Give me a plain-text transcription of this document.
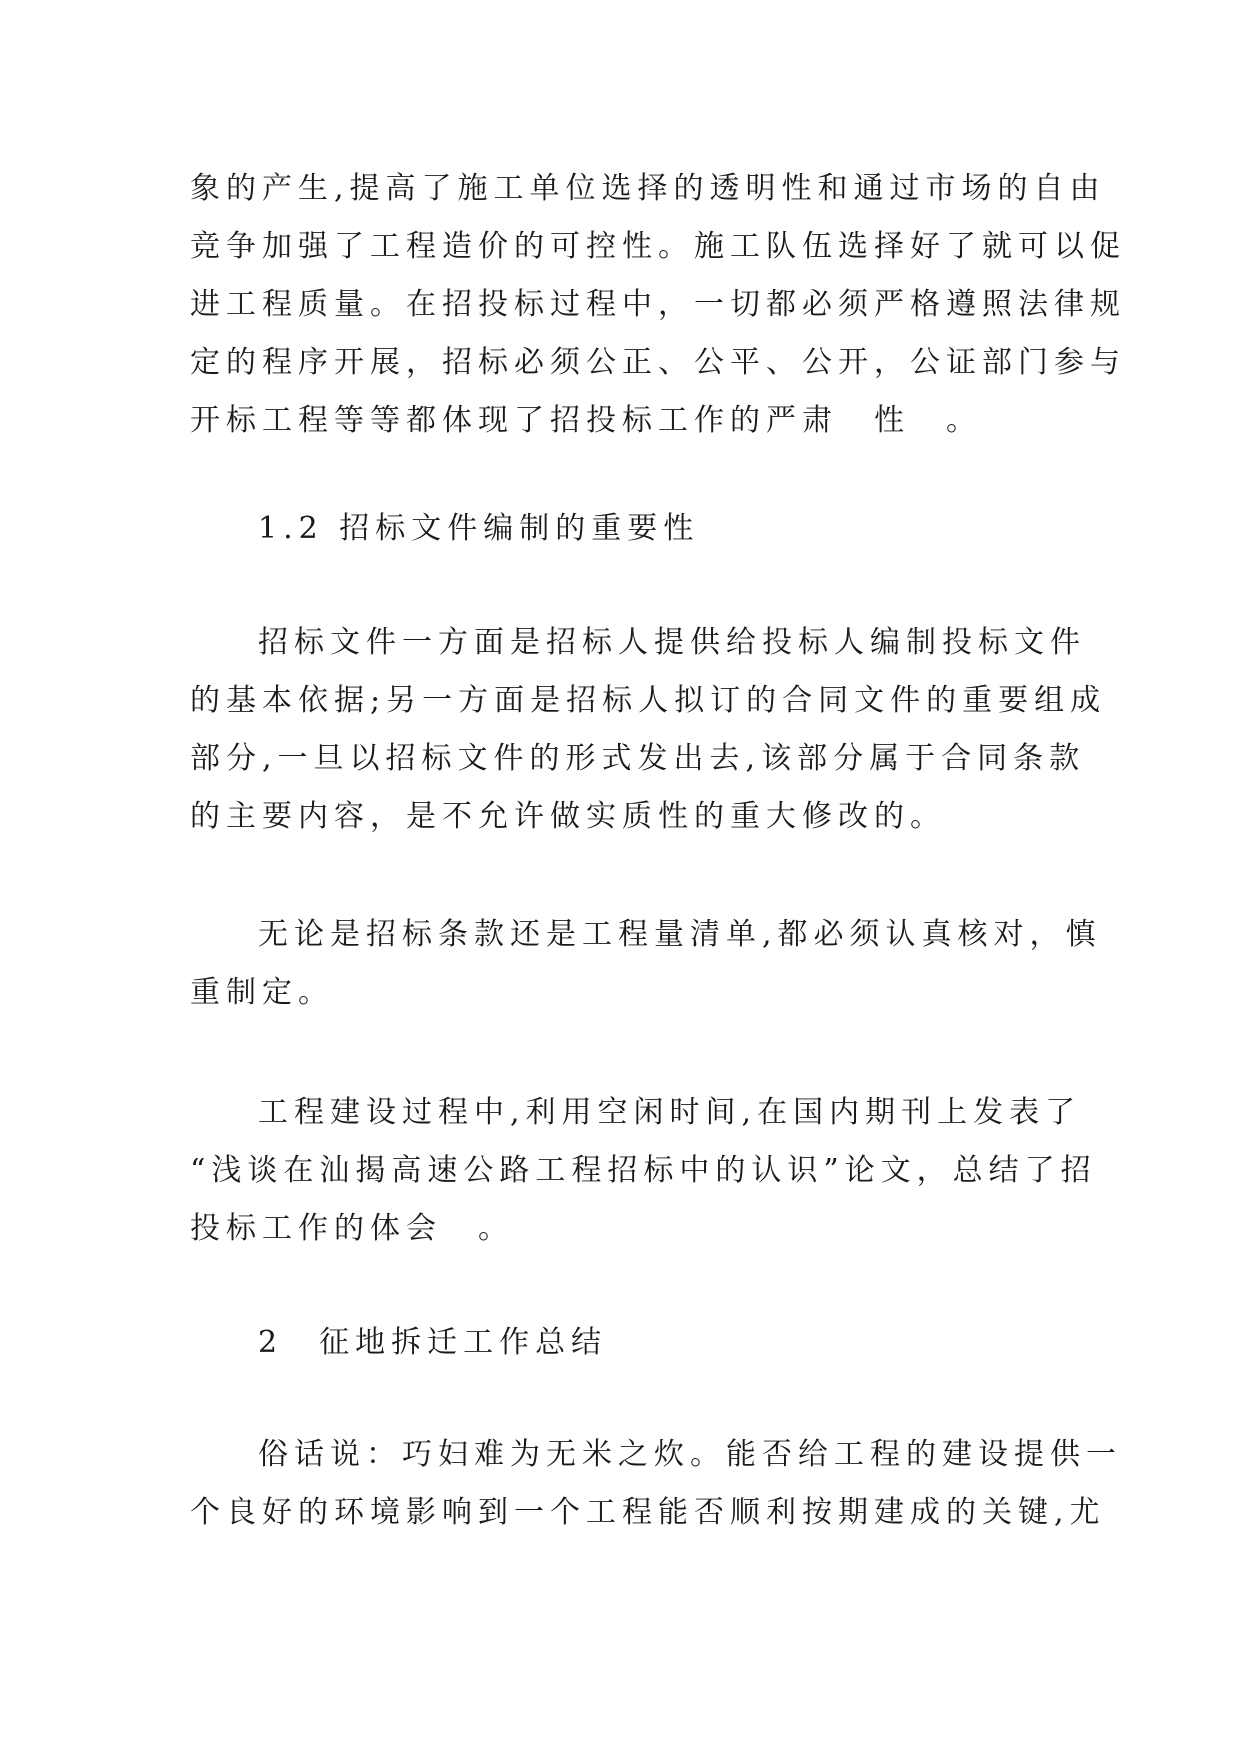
象的产生,提高了施工单位选择的透明性和通过市场的自由
竞争加强了工程造价的可控性。施工队伍选择好了就可以促
进工程质量。在招投标过程中，一切都必须严格遵照法律规
定的程序开展，招标必须公正、公平、公开，公证部门参与
开标工程等等都体现了招投标工作的严肃　性　。
1.2 招标文件编制的重要性
招标文件一方面是招标人提供给投标人编制投标文件
的基本依据;另一方面是招标人拟订的合同文件的重要组成
部分,一旦以招标文件的形式发出去,该部分属于合同条款
的主要内容，是不允许做实质性的重大修改的。
无论是招标条款还是工程量清单,都必须认真核对，慎
重制定。
工程建设过程中,利用空闲时间,在国内期刊上发表了
“浅谈在汕揭高速公路工程招标中的认识”论文，总结了招
投标工作的体会　。
2　征地拆迁工作总结
俗话说：巧妇难为无米之炊。能否给工程的建设提供一
个良好的环境影响到一个工程能否顺利按期建成的关键,尤
